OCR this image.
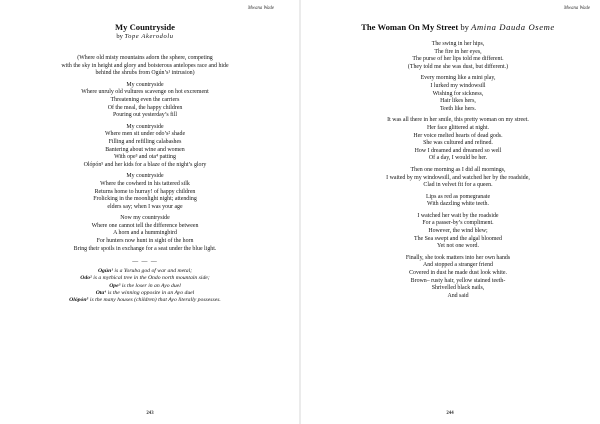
Mwana Wade
My Countryside
by Tope Akerodolu
(Where old misty mountains adorn the sphere, competing
with the sky in height and glory and boisterous antelopes race and hide
behind the shrubs from Ogún’s¹ intrusion)
My countryside
Where unruly old vultures scavenge on hot excrement
Threatening even the carriers
Of the meal, the happy children
Pouring out yesterday’s fill
My countryside
Where men sit under odo’s² shade
Filling and refilling calabashes
Bantering about wine and women
With ope³ and ota⁴ patting
Olópón⁵ and her kids for a blaze of the night’s glory
My countryside
Where the cowherd in his tattered silk
Returns home to hurray! of happy children
Frolicking in the moonlight night; attending
elders say; when I was your age
Now my countryside
Where one cannot tell the difference between
A horn and a hummingbird
For hunters now hunt in sight of the horn
Bring their spoils in exchange for a seat under the blue light.
— — —
Ogún¹ is a Yoruba god of war and metal;
Odo² is a mythical tree in the Ondo north mountain side;
Ope³ is the loser in an Ayo duel
Ota⁴ is the winning opposite in an Ayo duel
Olópón⁵ is the many houses (children) that Ayo literally possesses.
243
Mwana Wade
The Woman On My Street by Amina Dauda Oseme
The swing in her hips,
The fire in her eyes,
The purse of her lips told me different.
(They told me she was dust, but different.)
Every morning like a mini play,
I lurked my windowsill
Wishing for sickness,
Hair likes hers,
Teeth like hers.
It was all there in her smile, this pretty woman on my street.
Her face glittered at night.
Her voice melted hearts of dead gods.
She was cultured and refined.
How I dreamed and dreamed so well
Of a day, I would be her.
Then one morning as I did all mornings,
I waited by my windowsill, and watched her by the roadside,
Clad in velvet fit for a queen.
Lips as red as pomegranate
With dazzling white teeth.
I watched her wait by the roadside
For a passer-by’s compliment.
However, the wind blew;
The Sea swept and the algal bloomed
Yet not one word.
Finally, she took matters into her own hands
And stopped a stranger friend
Covered in dust he made dust look white.
Brown– rusty hair, yellow stained teeth-
Shrivelled black nails,
And said
244
